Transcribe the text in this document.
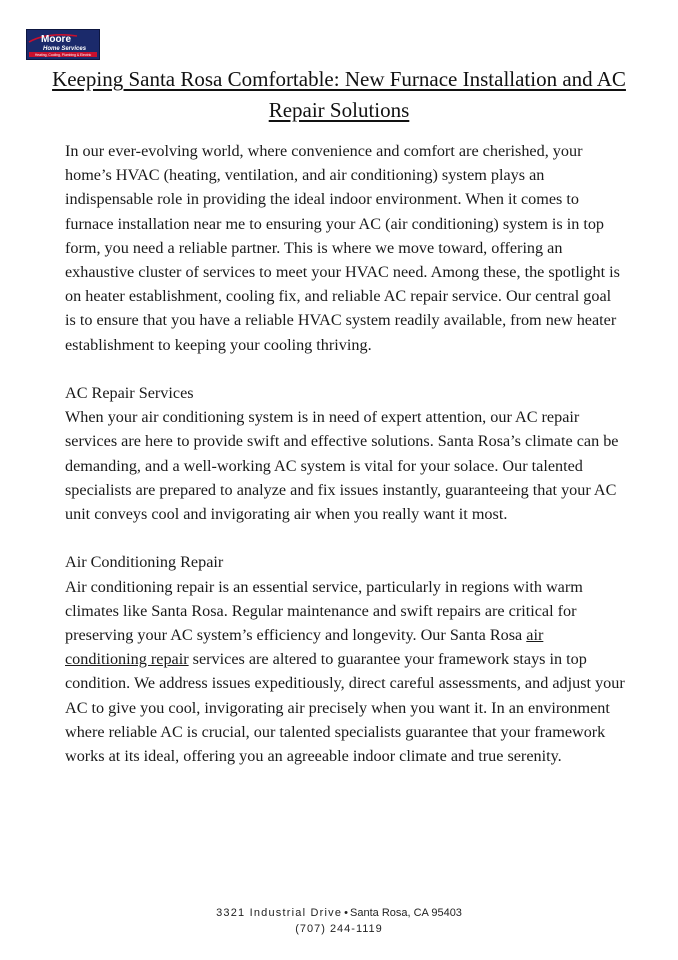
Moore
Home Services
Heating, Cooling, Plumbing & Electric
Keeping Santa Rosa Comfortable: New Furnace Installation and AC Repair Solutions

In our ever-evolving world, where convenience and comfort are cherished, your home’s HVAC (heating, ventilation, and air conditioning) system plays an indispensable role in providing the ideal indoor environment. When it comes to furnace installation near me to ensuring your AC (air conditioning) system is in top form, you need a reliable partner. This is where we move toward, offering an exhaustive cluster of services to meet your HVAC need. Among these, the spotlight is on heater establishment, cooling fix, and reliable AC repair service. Our central goal is to ensure that you have a reliable HVAC system readily available, from new heater establishment to keeping your cooling thriving.

AC Repair Services

When your air conditioning system is in need of expert attention, our AC repair services are here to provide swift and effective solutions. Santa Rosa’s climate can be demanding, and a well-working AC system is vital for your solace. Our talented specialists are prepared to analyze and fix issues instantly, guaranteeing that your AC unit conveys cool and invigorating air when you really want it most.

Air Conditioning Repair

Air conditioning repair is an essential service, particularly in regions with warm climates like Santa Rosa. Regular maintenance and swift repairs are critical for preserving your AC system’s efficiency and longevity. Our Santa Rosa air conditioning repair services are altered to guarantee your framework stays in top condition. We address issues expeditiously, direct careful assessments, and adjust your AC to give you cool, invigorating air precisely when you want it. In an environment where reliable AC is crucial, our talented specialists guarantee that your framework works at its ideal, offering you an agreeable indoor climate and true serenity.

3321 Industrial Drive • Santa Rosa, CA 95403
(707) 244-1119
